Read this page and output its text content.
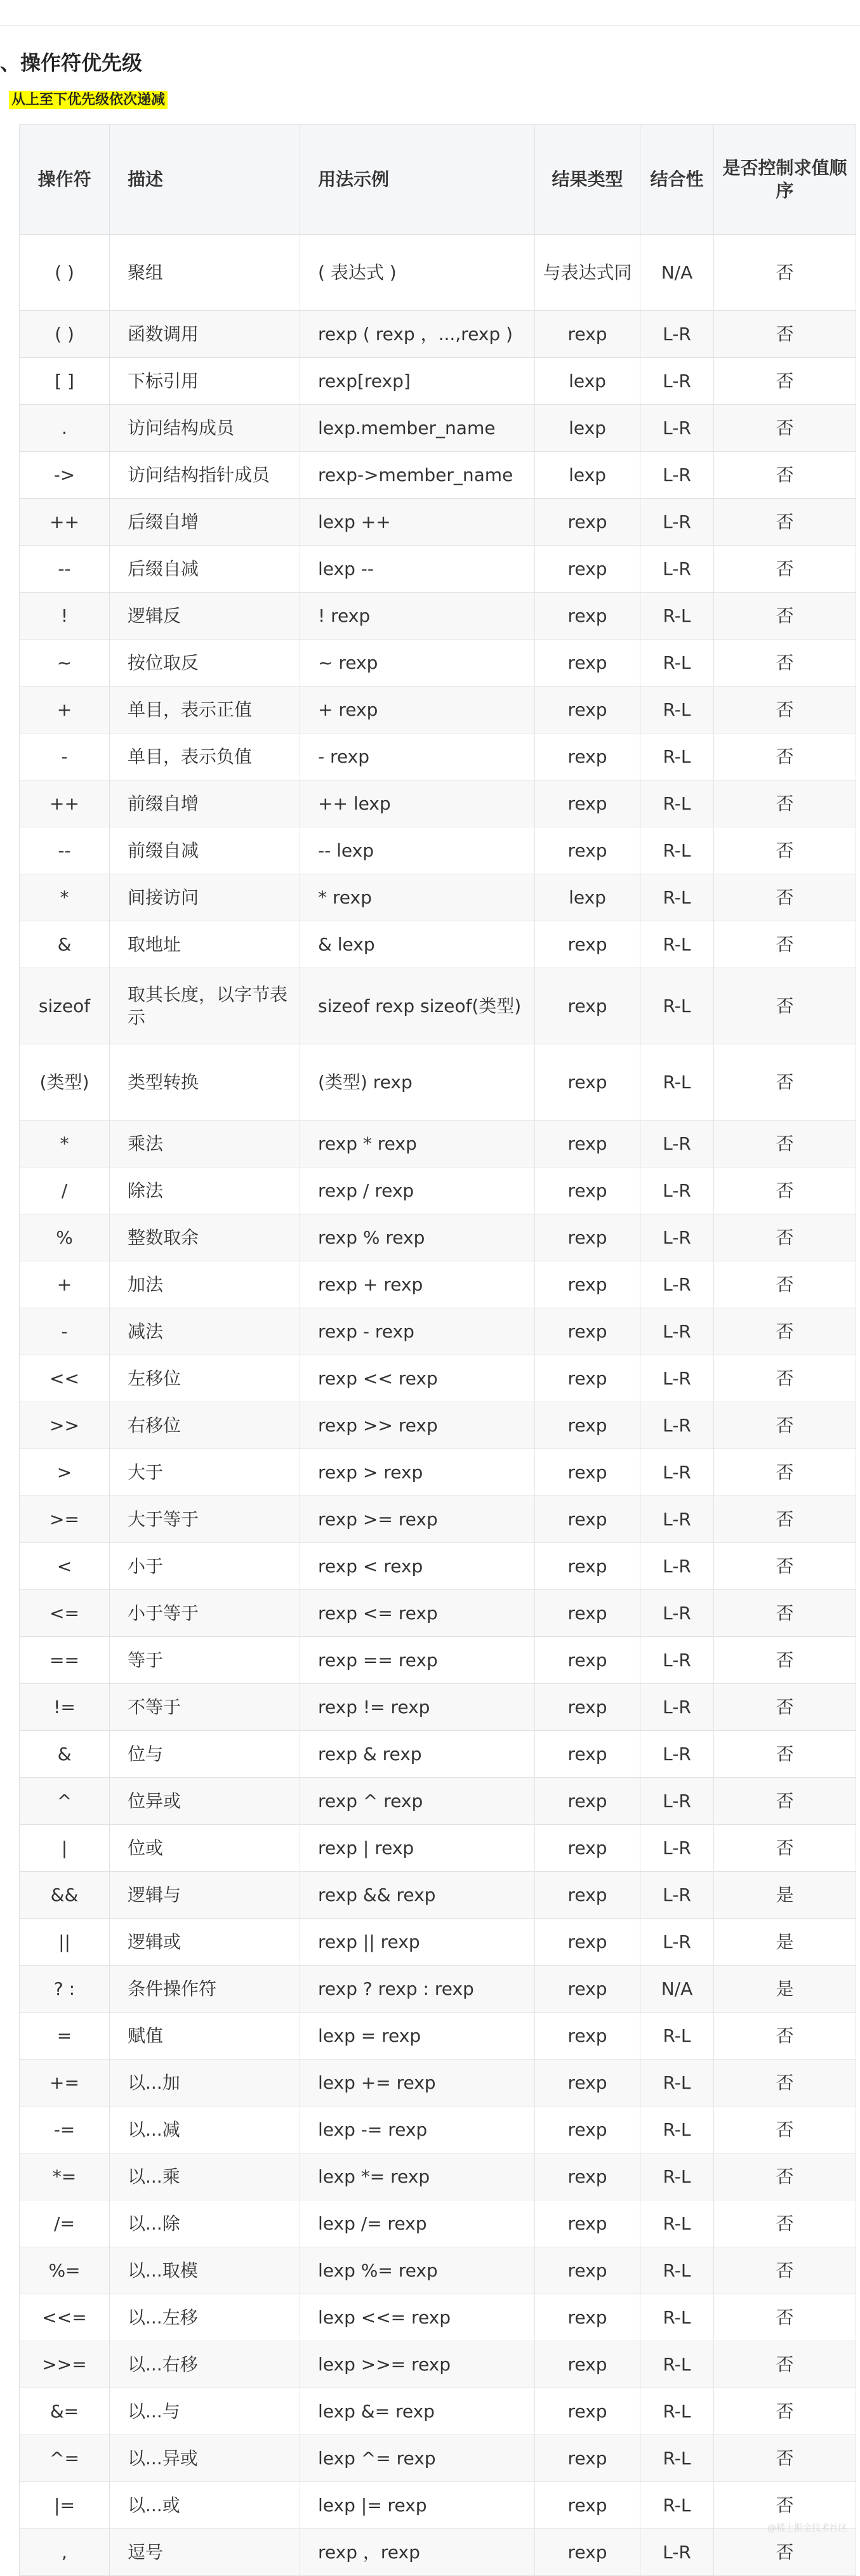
、操作符优先级
从上至下优先级依次递减
操作符	描述	用法示例	结果类型	结合性	是否控制求值顺序
( )	聚组	( 表达式 )	与表达式同	N/A	否
( )	函数调用	rexp ( rexp ，...,rexp )	rexp	L-R	否
[ ]	下标引用	rexp[rexp]	lexp	L-R	否
.	访问结构成员	lexp.member_name	lexp	L-R	否
->	访问结构指针成员	rexp->member_name	lexp	L-R	否
++	后缀自增	lexp ++	rexp	L-R	否
--	后缀自减	lexp --	rexp	L-R	否
!	逻辑反	! rexp	rexp	R-L	否
~	按位取反	~ rexp	rexp	R-L	否
+	单目，表示正值	+ rexp	rexp	R-L	否
-	单目，表示负值	- rexp	rexp	R-L	否
++	前缀自增	++ lexp	rexp	R-L	否
--	前缀自减	-- lexp	rexp	R-L	否
*	间接访问	* rexp	lexp	R-L	否
&	取地址	& lexp	rexp	R-L	否
sizeof	取其长度，以字节表示	sizeof rexp sizeof(类型)	rexp	R-L	否
(类型)	类型转换	(类型) rexp	rexp	R-L	否
*	乘法	rexp * rexp	rexp	L-R	否
/	除法	rexp / rexp	rexp	L-R	否
%	整数取余	rexp % rexp	rexp	L-R	否
+	加法	rexp + rexp	rexp	L-R	否
-	减法	rexp - rexp	rexp	L-R	否
<<	左移位	rexp << rexp	rexp	L-R	否
>>	右移位	rexp >> rexp	rexp	L-R	否
>	大于	rexp > rexp	rexp	L-R	否
>=	大于等于	rexp >= rexp	rexp	L-R	否
<	小于	rexp < rexp	rexp	L-R	否
<=	小于等于	rexp <= rexp	rexp	L-R	否
==	等于	rexp == rexp	rexp	L-R	否
!=	不等于	rexp != rexp	rexp	L-R	否
&	位与	rexp & rexp	rexp	L-R	否
^	位异或	rexp ^ rexp	rexp	L-R	否
|	位或	rexp | rexp	rexp	L-R	否
&&	逻辑与	rexp && rexp	rexp	L-R	是
||	逻辑或	rexp || rexp	rexp	L-R	是
? :	条件操作符	rexp ? rexp : rexp	rexp	N/A	是
=	赋值	lexp = rexp	rexp	R-L	否
+=	以...加	lexp += rexp	rexp	R-L	否
-=	以...减	lexp -= rexp	rexp	R-L	否
*=	以...乘	lexp *= rexp	rexp	R-L	否
/=	以...除	lexp /= rexp	rexp	R-L	否
%=	以...取模	lexp %= rexp	rexp	R-L	否
<<=	以...左移	lexp <<= rexp	rexp	R-L	否
>>=	以...右移	lexp >>= rexp	rexp	R-L	否
&=	以...与	lexp &= rexp	rexp	R-L	否
^=	以...异或	lexp ^= rexp	rexp	R-L	否
|=	以...或	lexp |= rexp	rexp	R-L	否
,	逗号	rexp ，rexp	rexp	L-R	否
@稀土掘金技术社区
